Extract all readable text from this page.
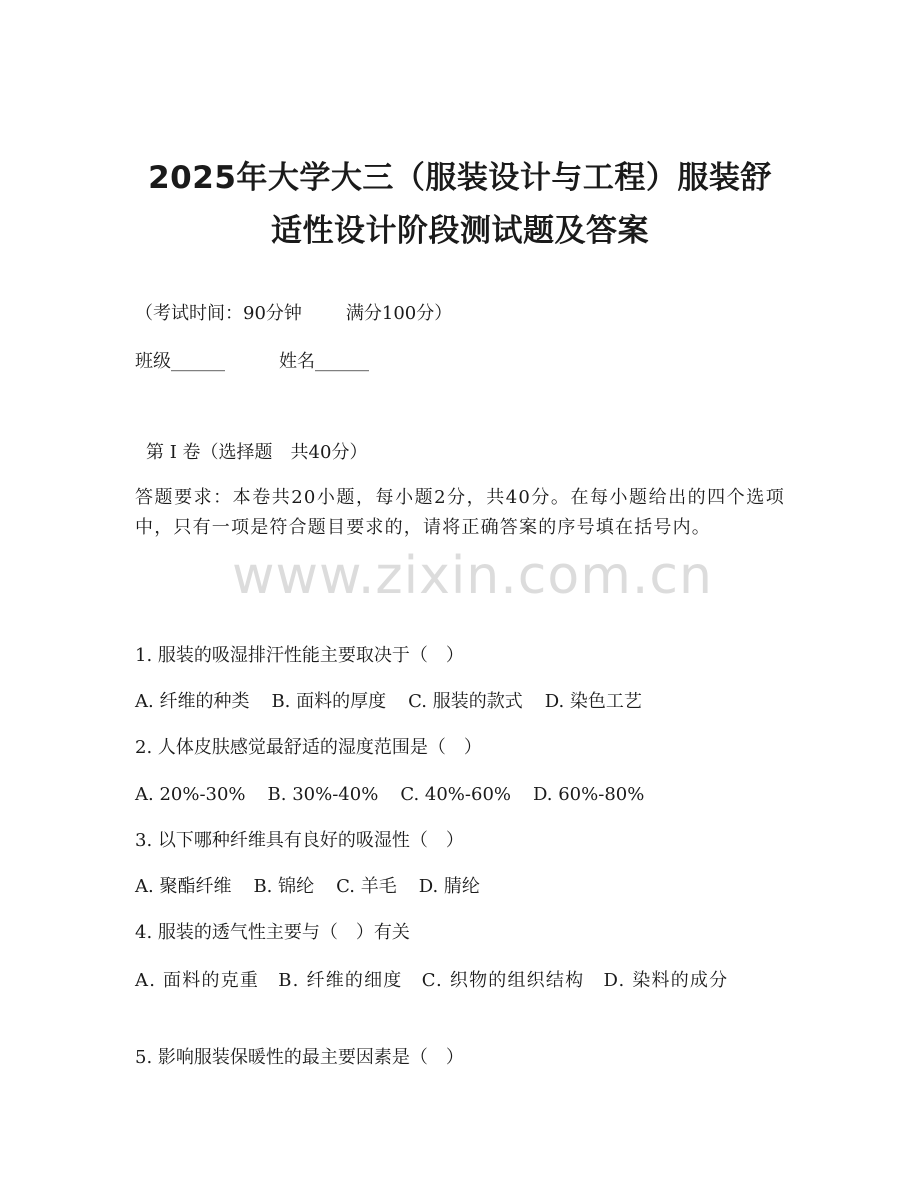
2025年大学大三（服装设计与工程）服装舒
适性设计阶段测试题及答案
（考试时间：90分钟 满分100分）
班级______	姓名______
第 I 卷（选择题　共40分）
答题要求：本卷共20小题，每小题2分，共40分。在每小题给出的四个选项中，只有一项是符合题目要求的，请将正确答案的序号填在括号内。
www.zixin.com.cn
1. 服装的吸湿排汗性能主要取决于（　）
A. 纤维的种类 B. 面料的厚度 C. 服装的款式 D. 染色工艺
2. 人体皮肤感觉最舒适的湿度范围是（　）
A. 20%-30% B. 30%-40% C. 40%-60% D. 60%-80%
3. 以下哪种纤维具有良好的吸湿性（　）
A. 聚酯纤维 B. 锦纶 C. 羊毛 D. 腈纶
4. 服装的透气性主要与（　）有关
A. 面料的克重　B. 纤维的细度　C. 织物的组织结构　D. 染料的成分
5. 影响服装保暖性的最主要因素是（　）
